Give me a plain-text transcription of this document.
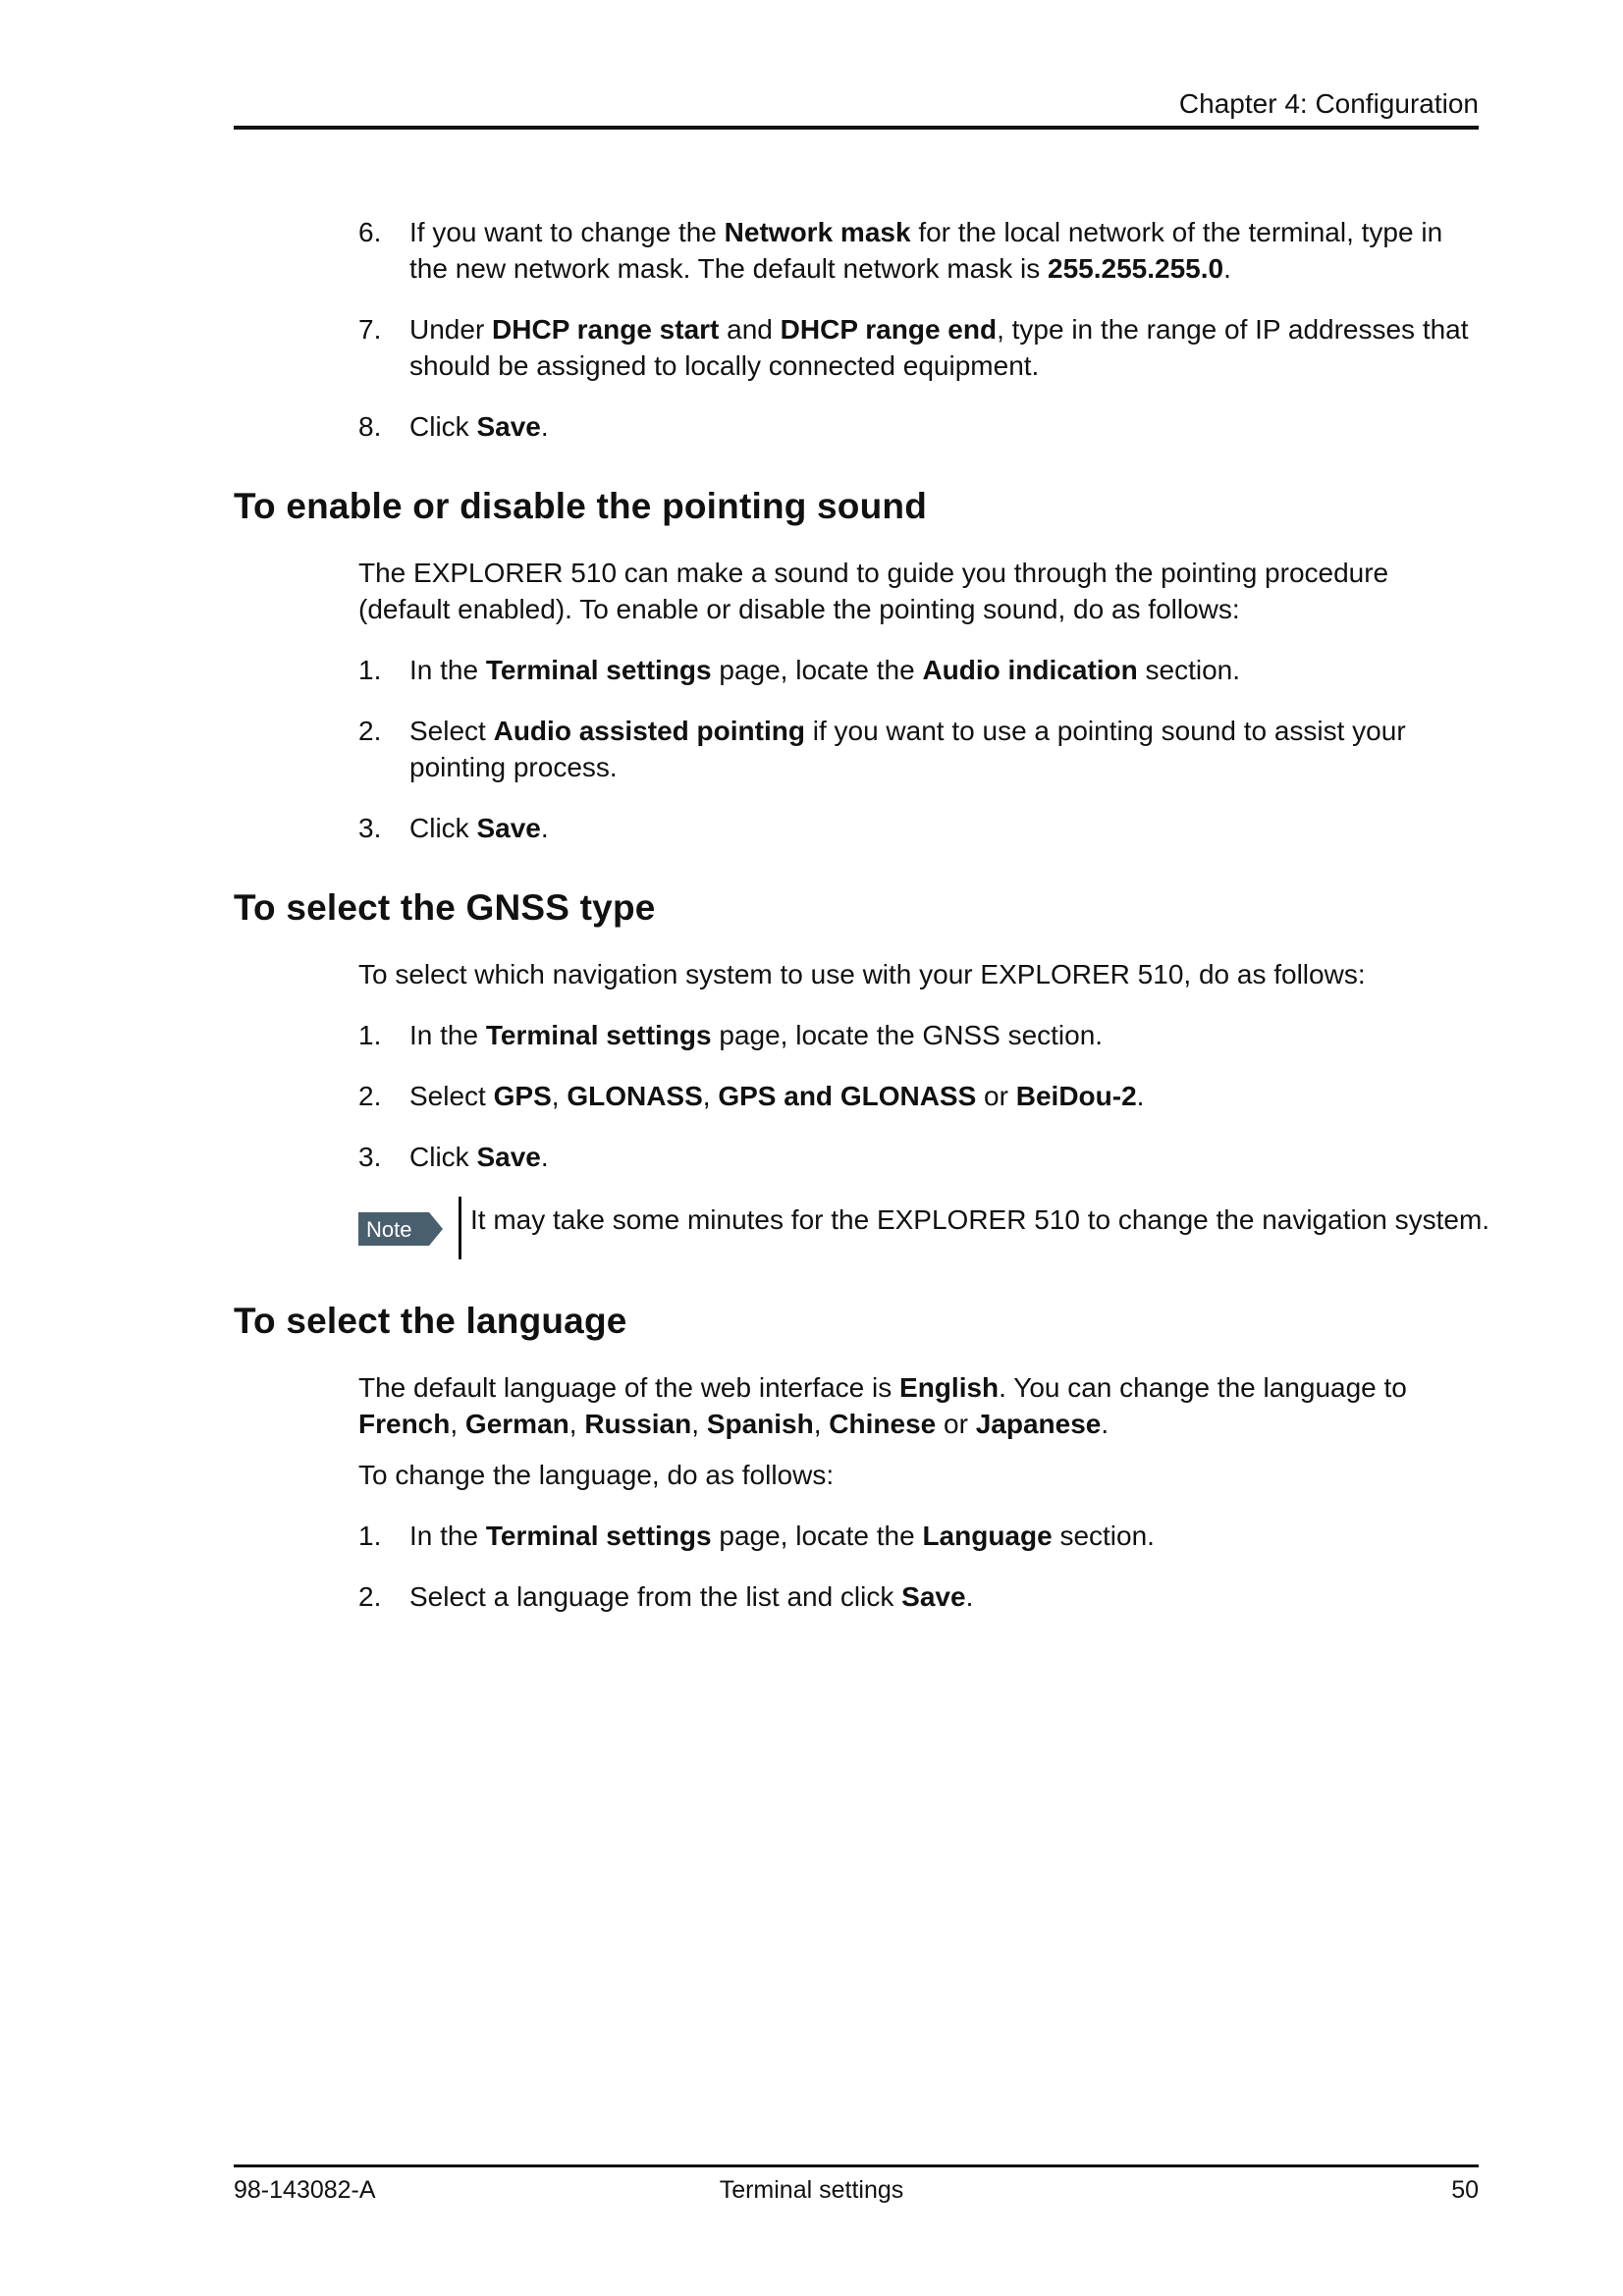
Chapter 4: Configuration
6. If you want to change the Network mask for the local network of the terminal, type in the new network mask. The default network mask is 255.255.255.0.
7. Under DHCP range start and DHCP range end, type in the range of IP addresses that should be assigned to locally connected equipment.
8. Click Save.
To enable or disable the pointing sound
The EXPLORER 510 can make a sound to guide you through the pointing procedure (default enabled). To enable or disable the pointing sound, do as follows:
1. In the Terminal settings page, locate the Audio indication section.
2. Select Audio assisted pointing if you want to use a pointing sound to assist your pointing process.
3. Click Save.
To select the GNSS type
To select which navigation system to use with your EXPLORER 510, do as follows:
1. In the Terminal settings page, locate the GNSS section.
2. Select GPS, GLONASS, GPS and GLONASS or BeiDou-2.
3. Click Save.
Note It may take some minutes for the EXPLORER 510 to change the navigation system.
To select the language
The default language of the web interface is English. You can change the language to French, German, Russian, Spanish, Chinese or Japanese.
To change the language, do as follows:
1. In the Terminal settings page, locate the Language section.
2. Select a language from the list and click Save.
98-143082-A	Terminal settings	50
